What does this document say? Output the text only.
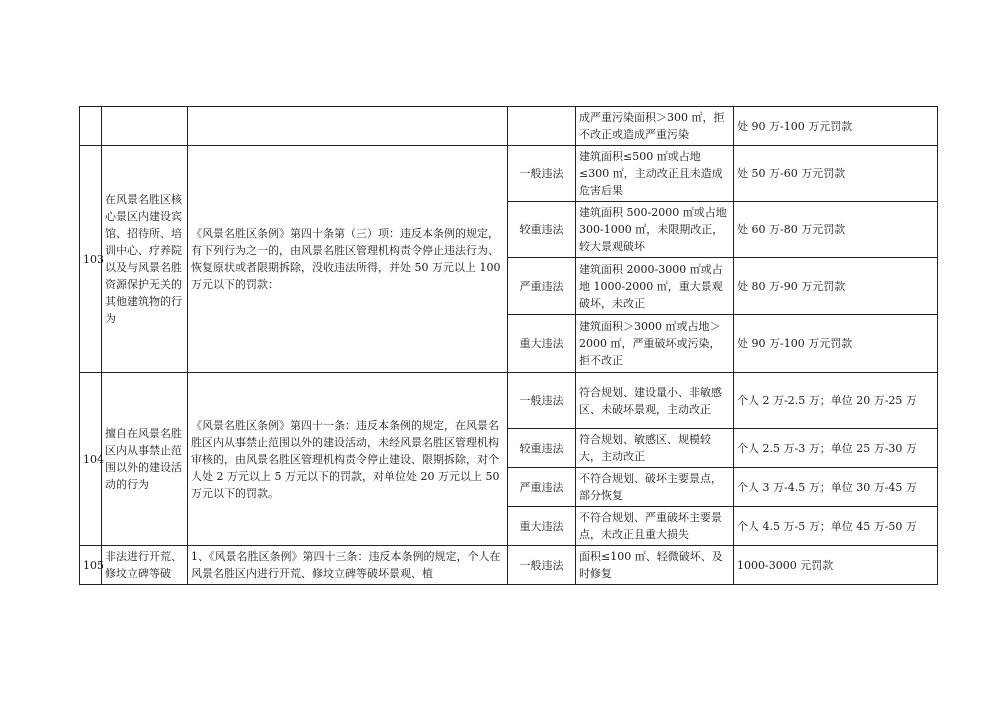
				成严重污染面积＞300 ㎡，拒不改正或造成严重污染	处 90 万-100 万元罚款
103	在风景名胜区核心景区内建设宾馆、招待所、培训中心、疗养院以及与风景名胜资源保护无关的其他建筑物的行为	《风景名胜区条例》第四十条第（三）项：违反本条例的规定，有下列行为之一的，由风景名胜区管理机构责令停止违法行为、恢复原状或者限期拆除，没收违法所得，并处 50 万元以上 100 万元以下的罚款：	一般违法	建筑面积≤500 ㎡或占地≤300 ㎡，主动改正且未造成危害后果	处 50 万-60 万元罚款
			较重违法	建筑面积 500-2000 ㎡或占地 300-1000 ㎡，未限期改正，较大景观破坏	处 60 万-80 万元罚款
			严重违法	建筑面积 2000-3000 ㎡或占地 1000-2000 ㎡，重大景观破坏，未改正	处 80 万-90 万元罚款
			重大违法	建筑面积＞3000 ㎡或占地＞2000 ㎡，严重破坏或污染，拒不改正	处 90 万-100 万元罚款
104	擅自在风景名胜区内从事禁止范围以外的建设活动的行为	《风景名胜区条例》第四十一条：违反本条例的规定，在风景名胜区内从事禁止范围以外的建设活动，未经风景名胜区管理机构审核的，由风景名胜区管理机构责令停止建设、限期拆除，对个人处 2 万元以上 5 万元以下的罚款，对单位处 20 万元以上 50 万元以下的罚款。	一般违法	符合规划、建设量小、非敏感区、未破坏景观，主动改正	个人 2 万-2.5 万；单位 20 万-25 万
			较重违法	符合规划、敏感区、规模较大，主动改正	个人 2.5 万-3 万；单位 25 万-30 万
			严重违法	不符合规划、破坏主要景点，部分恢复	个人 3 万-4.5 万；单位 30 万-45 万
			重大违法	不符合规划、严重破坏主要景点，未改正且重大损失	个人 4.5 万-5 万；单位 45 万-50 万
105	非法进行开荒、修坟立碑等破	1、《风景名胜区条例》第四十三条：违反本条例的规定，个人在风景名胜区内进行开荒、修坟立碑等破坏景观、植	一般违法	面积≤100 ㎡、轻微破坏、及时修复	1000-3000 元罚款
